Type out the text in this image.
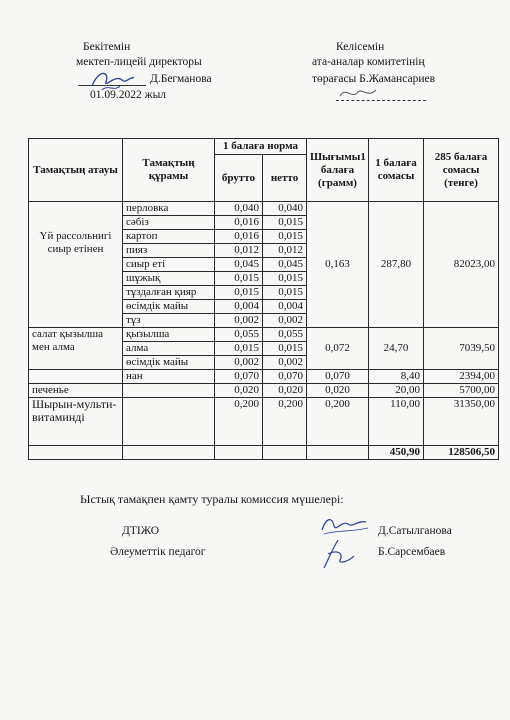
Бекітемін
мектеп-лицейі директоры
Д.Бегманова
01.09.2022 жыл
Келісемін
ата-аналар комитетінің
төрағасы Б.Жамансариев
Тамақтың атауы	Тамақтың құрамы	1 балаға норма		Шығымы1 балаға (грамм)	1 балаға сомасы	285 балаға сомасы (тенге)
		брутто	нетто			
Үй рассольнигі сиыр етінен	перловка	0,040	0,040	0,163	287,80	82023,00
	сәбіз	0,016	0,015			
	картоп	0,016	0,015			
	пияз	0,012	0,012			
	сиыр еті	0,045	0,045			
	шұжық	0,015	0,015			
	тұздалған қияр	0,015	0,015			
	өсімдік майы	0,004	0,004			
	тұз	0,002	0,002			
салат қызылша мен алма	қызылша	0,055	0,055	0,072	24,70	7039,50
	алма	0,015	0,015			
	өсімдік майы	0,002	0,002			
	нан	0,070	0,070	0,070	8,40	2394,00
печенье		0,020	0,020	0,020	20,00	5700,00
Шырын-мульти-витаминді		0,200	0,200	0,200	110,00	31350,00
					450,90	128506,50
Ыстық тамақпен қамту туралы комиссия мүшелері:
ДТІЖО	Д.Сатылганова
Әлеуметтік педагог	Б.Сарсембаев
